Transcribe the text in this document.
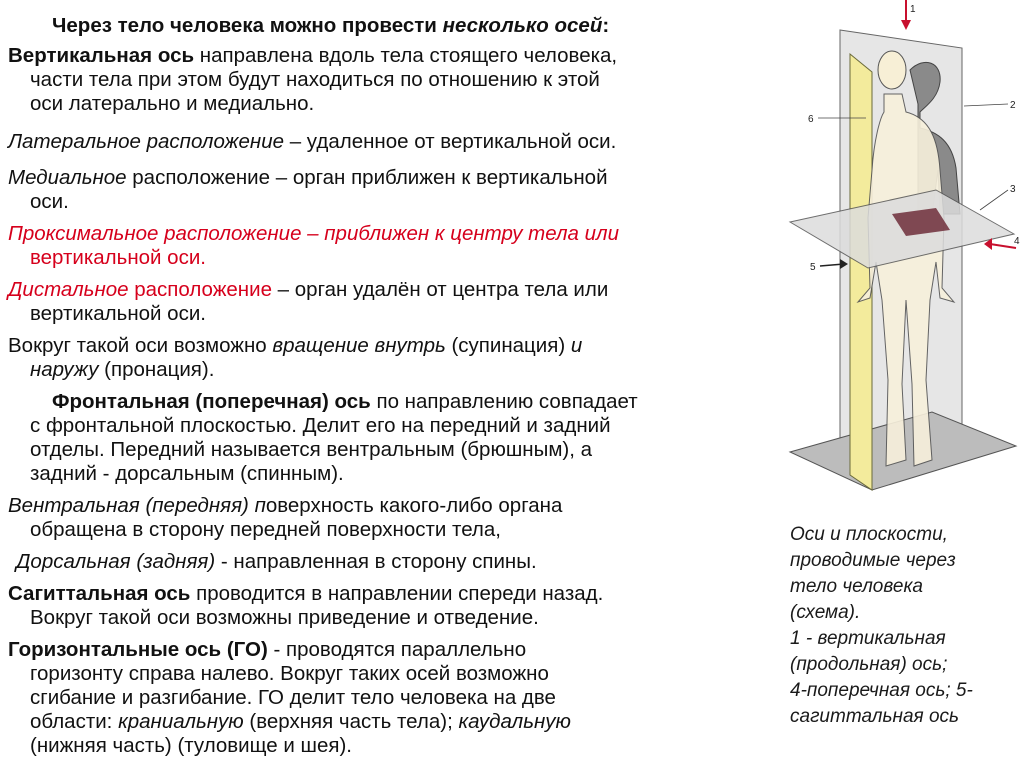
Через тело человека можно провести несколько осей:
Вертикальная ось направлена вдоль тела стоящего человека,
части тела при этом будут находиться по отношению к этой
оси латерально и медиально.
Латеральное расположение – удаленное от вертикальной оси.
Медиальное расположение – орган приближен к вертикальной
оси.
Проксимальное расположение – приближен к центру тела или
вертикальной оси.
Дистальное расположение – орган удалён от центра тела или
вертикальной оси.
Вокруг такой оси возможно вращение внутрь (супинация) и
наружу (пронация).
Фронтальная (поперечная) ось по направлению совпадает
с фронтальной плоскостью. Делит его на передний и задний
отделы. Передний называется вентральным (брюшным), а
задний - дорсальным (спинным).
Вентральная (передняя) поверхность какого-либо органа
обращена в сторону передней поверхности тела,
Дорсальная (задняя) - направленная в сторону спины.
Сагиттальная ось проводится в направлении спереди назад.
Вокруг такой оси возможны приведение и отведение.
Горизонтальные ось (ГО) - проводятся параллельно
горизонту справа налево. Вокруг таких осей возможно
сгибание и разгибание. ГО делит тело человека на две
области: краниальную (верхняя часть тела); каудальную
(нижняя часть) (туловище и шея).
1
2
3
4
5
6
Оси и плоскости,
проводимые через
тело человека
(схема).
1 - вертикальная
(продольная) ось;
4-поперечная ось; 5-
сагиттальная ось
